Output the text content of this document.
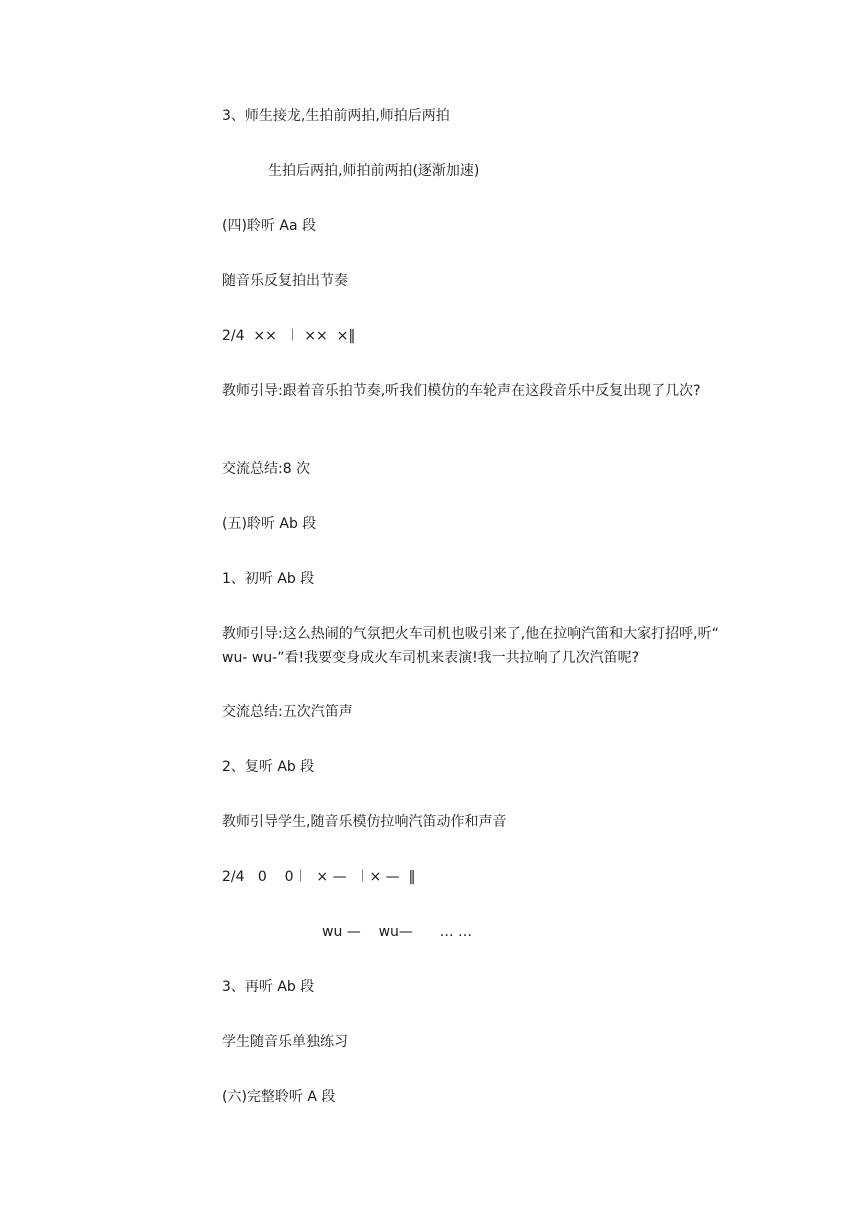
3、师生接龙,生拍前两拍,师拍后两拍

生拍后两拍,师拍前两拍(逐渐加速)

(四)聆听 Aa 段

随音乐反复拍出节奏

2/4  ××  ︱ ××  ×‖

教师引导:跟着音乐拍节奏,听我们模仿的车轮声在这段音乐中反复出现了几次?

交流总结:8 次

(五)聆听 Ab 段

1、初听 Ab 段

教师引导:这么热闹的气氛把火车司机也吸引来了,他在拉响汽笛和大家打招呼,听“ wu- wu-”看!我要变身成火车司机来表演!我一共拉响了几次汽笛呢?

交流总结:五次汽笛声

2、复听 Ab 段

教师引导学生,随音乐模仿拉响汽笛动作和声音

2/4   0    0︱  × —  ︱× —  ‖

wu —    wu—      … …

3、再听 Ab 段

学生随音乐单独练习

(六)完整聆听 A 段
